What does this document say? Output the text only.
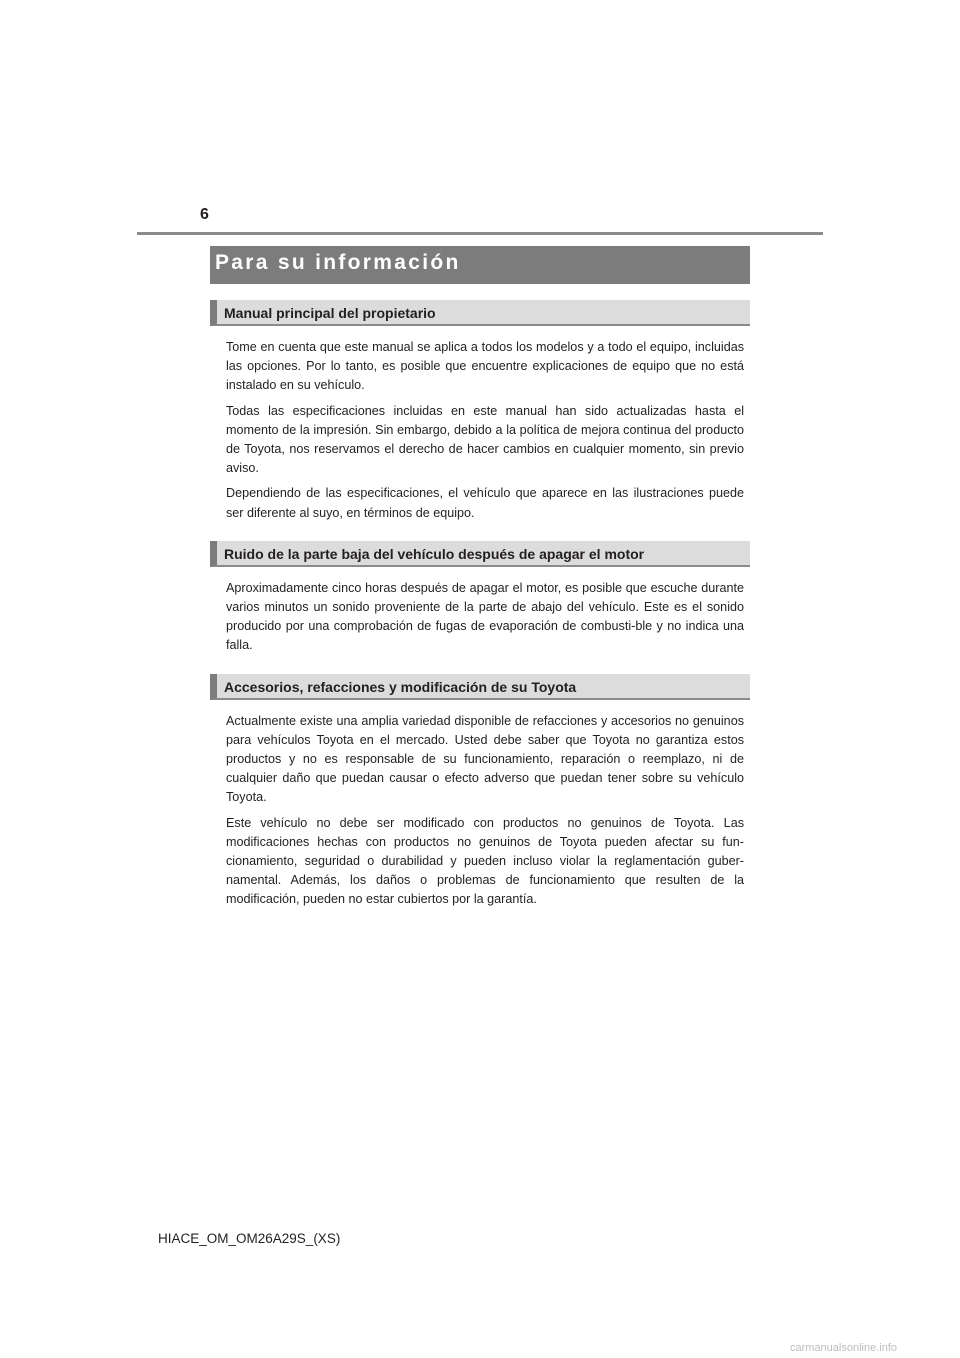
6
Para su información
Manual principal del propietario

Tome en cuenta que este manual se aplica a todos los modelos y a todo el equipo, incluidas las opciones. Por lo tanto, es posible que encuentre explicaciones de equipo que no está instalado en su vehículo.

Todas las especificaciones incluidas en este manual han sido actualizadas hasta el momento de la impresión. Sin embargo, debido a la política de mejora continua del producto de Toyota, nos reservamos el derecho de hacer cambios en cualquier momento, sin previo aviso.

Dependiendo de las especificaciones, el vehículo que aparece en las ilustraciones puede ser diferente al suyo, en términos de equipo.

Ruido de la parte baja del vehículo después de apagar el motor

Aproximadamente cinco horas después de apagar el motor, es posible que escuche durante varios minutos un sonido proveniente de la parte de abajo del vehículo. Este es el sonido producido por una comprobación de fugas de evaporación de combusti-ble y no indica una falla.

Accesorios, refacciones y modificación de su Toyota

Actualmente existe una amplia variedad disponible de refacciones y accesorios no genuinos para vehículos Toyota en el mercado. Usted debe saber que Toyota no garantiza estos productos y no es responsable de su funcionamiento, reparación o reemplazo, ni de cualquier daño que puedan causar o efecto adverso que puedan tener sobre su vehículo Toyota.

Este vehículo no debe ser modificado con productos no genuinos de Toyota. Las modificaciones hechas con productos no genuinos de Toyota pueden afectar su fun-cionamiento, seguridad o durabilidad y pueden incluso violar la reglamentación guber-namental. Además, los daños o problemas de funcionamiento que resulten de la modificación, pueden no estar cubiertos por la garantía.

HIACE_OM_OM26A29S_(XS)
carmanualsonline.info
